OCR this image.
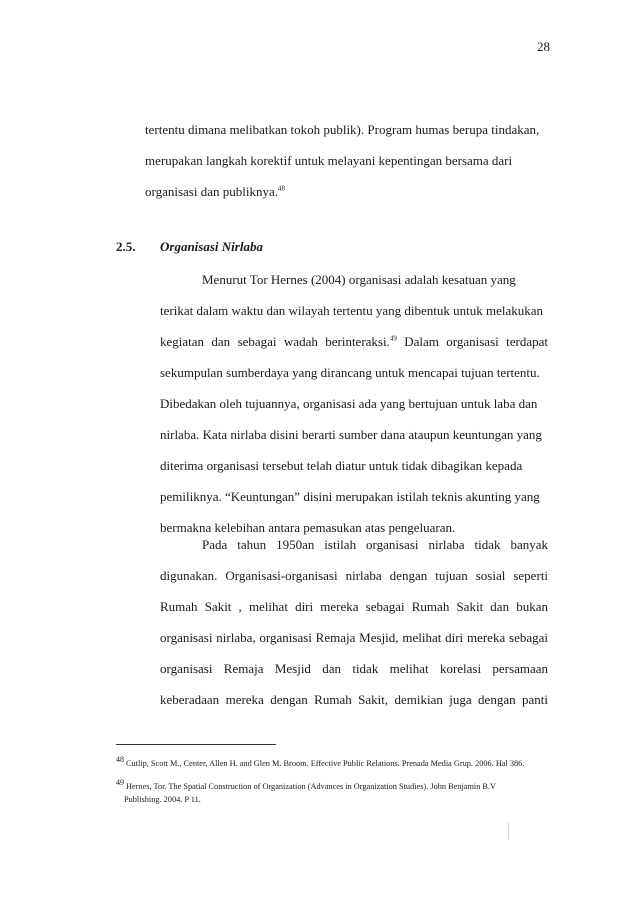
28
tertentu dimana melibatkan tokoh publik). Program humas berupa tindakan,
merupakan langkah korektif untuk melayani kepentingan bersama dari
organisasi dan publiknya.$^{48}$
2.5. Organisasi Nirlaba
Menurut Tor Hernes (2004) organisasi adalah kesatuan yang
terikat dalam waktu dan wilayah tertentu yang dibentuk untuk melakukan
kegiatan dan sebagai wadah berinteraksi.$^{49}$ Dalam organisasi terdapat
sekumpulan sumberdaya yang dirancang untuk mencapai tujuan tertentu.
Dibedakan oleh tujuannya, organisasi ada yang bertujuan untuk laba dan
nirlaba. Kata nirlaba disini berarti sumber dana ataupun keuntungan yang
diterima organisasi tersebut telah diatur untuk tidak dibagikan kepada
pemiliknya. “Keuntungan” disini merupakan istilah teknis akunting yang
bermakna kelebihan antara pemasukan atas pengeluaran.
Pada tahun 1950an istilah organisasi nirlaba tidak banyak
digunakan. Organisasi-organisasi nirlaba dengan tujuan sosial seperti
Rumah Sakit , melihat diri mereka sebagai Rumah Sakit dan bukan
organisasi nirlaba, organisasi Remaja Mesjid, melihat diri mereka sebagai
organisasi Remaja Mesjid dan tidak melihat korelasi persamaan
keberadaan mereka dengan Rumah Sakit, demikian juga dengan panti
48 Cutlip, Scott M., Center, Allen H. and Glen M. Broom. Effective Public Relations. Prenada Media Grup. 2006. Hal 386.
49 Hernes, Tor. The Spatial Construction of Organization (Advances in Organization Studies). John Benjamin B.V
Publishing. 2004. P 11.
